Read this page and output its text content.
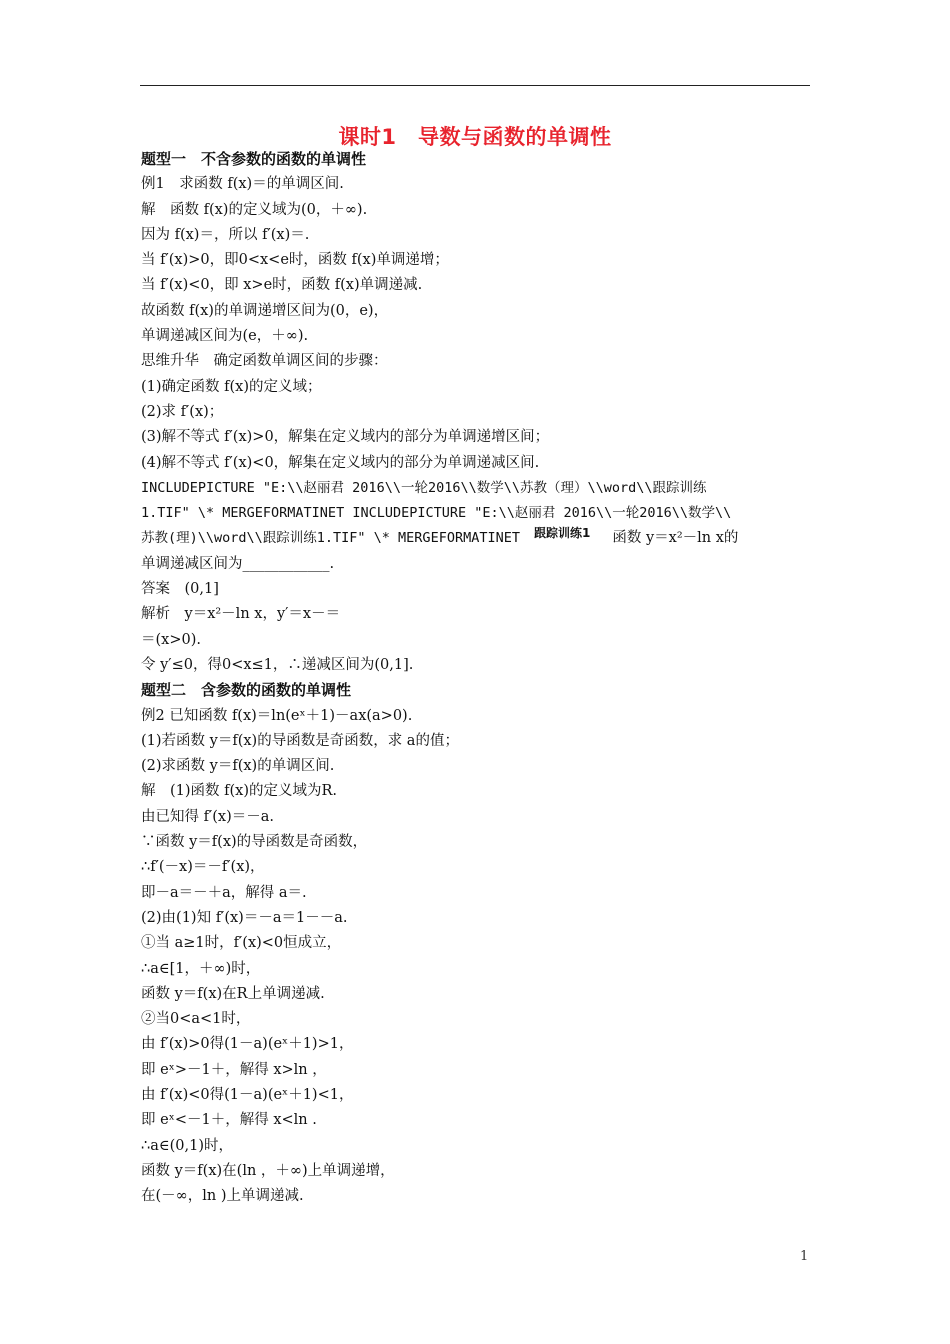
课时1　导数与函数的单调性
题型一　不含参数的函数的单调性
例1　求函数 f(x)＝的单调区间.
解　函数 f(x)的定义域为(0，＋∞).
因为 f(x)＝，所以 f′(x)＝.
当 f′(x)>0，即0<x<e时，函数 f(x)单调递增；
当 f′(x)<0，即 x>e时，函数 f(x)单调递减.
故函数 f(x)的单调递增区间为(0，e)，
单调递减区间为(e，＋∞).
思维升华　确定函数单调区间的步骤：
(1)确定函数 f(x)的定义域；
(2)求 f′(x)；
(3)解不等式 f′(x)>0，解集在定义域内的部分为单调递增区间；
(4)解不等式 f′(x)<0，解集在定义域内的部分为单调递减区间.
INCLUDEPICTURE "E:\\赵丽君 2016\\一轮2016\\数学\\苏教（理）\\word\\跟踪训练
1.TIF" \* MERGEFORMATINET INCLUDEPICTURE "E:\\赵丽君 2016\\一轮2016\\数学\\
苏教(理)\\word\\跟踪训练1.TIF" \* MERGEFORMATINET 跟踪训练1 函数 y＝x²－ln x的
单调递减区间为____________.
答案　(0,1]
解析　y＝x²－ln x，y′＝x－＝
＝(x>0).
令 y′≤0，得0<x≤1，∴递减区间为(0,1].
题型二　含参数的函数的单调性
例2 已知函数 f(x)＝ln(eˣ＋1)－ax(a>0).
(1)若函数 y＝f(x)的导函数是奇函数，求 a的值；
(2)求函数 y＝f(x)的单调区间.
解　(1)函数 f(x)的定义域为R.
由已知得 f′(x)＝－a.
∵函数 y＝f(x)的导函数是奇函数，
∴f′(－x)＝－f′(x)，
即－a＝－＋a，解得 a＝.
(2)由(1)知 f′(x)＝－a＝1－－a.
①当 a≥1时，f′(x)<0恒成立，
∴a∈[1，＋∞)时，
函数 y＝f(x)在R上单调递减.
②当0<a<1时，
由 f′(x)>0得(1－a)(eˣ＋1)>1，
即 eˣ>－1＋，解得 x>ln ，
由 f′(x)<0得(1－a)(eˣ＋1)<1，
即 eˣ<－1＋，解得 x<ln .
∴a∈(0,1)时，
函数 y＝f(x)在(ln ，＋∞)上单调递增，
在(－∞，ln )上单调递减.
1
